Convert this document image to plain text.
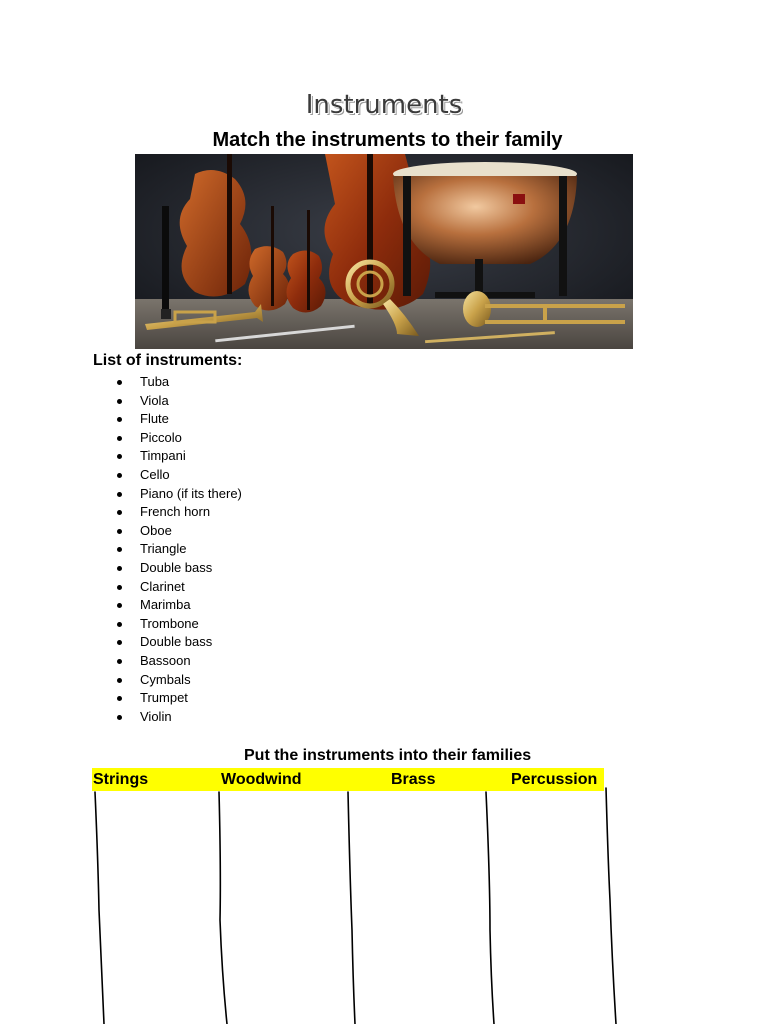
Instruments
Match the instruments to their family
List of instruments:
Tuba
Viola
Flute
Piccolo
Timpani
Cello
Piano (if its there)
French horn
Oboe
Triangle
Double bass
Clarinet
Marimba
Trombone
Double bass
Bassoon
Cymbals
Trumpet
Violin
Put the instruments into their families
Strings	Woodwind	Brass	Percussion
